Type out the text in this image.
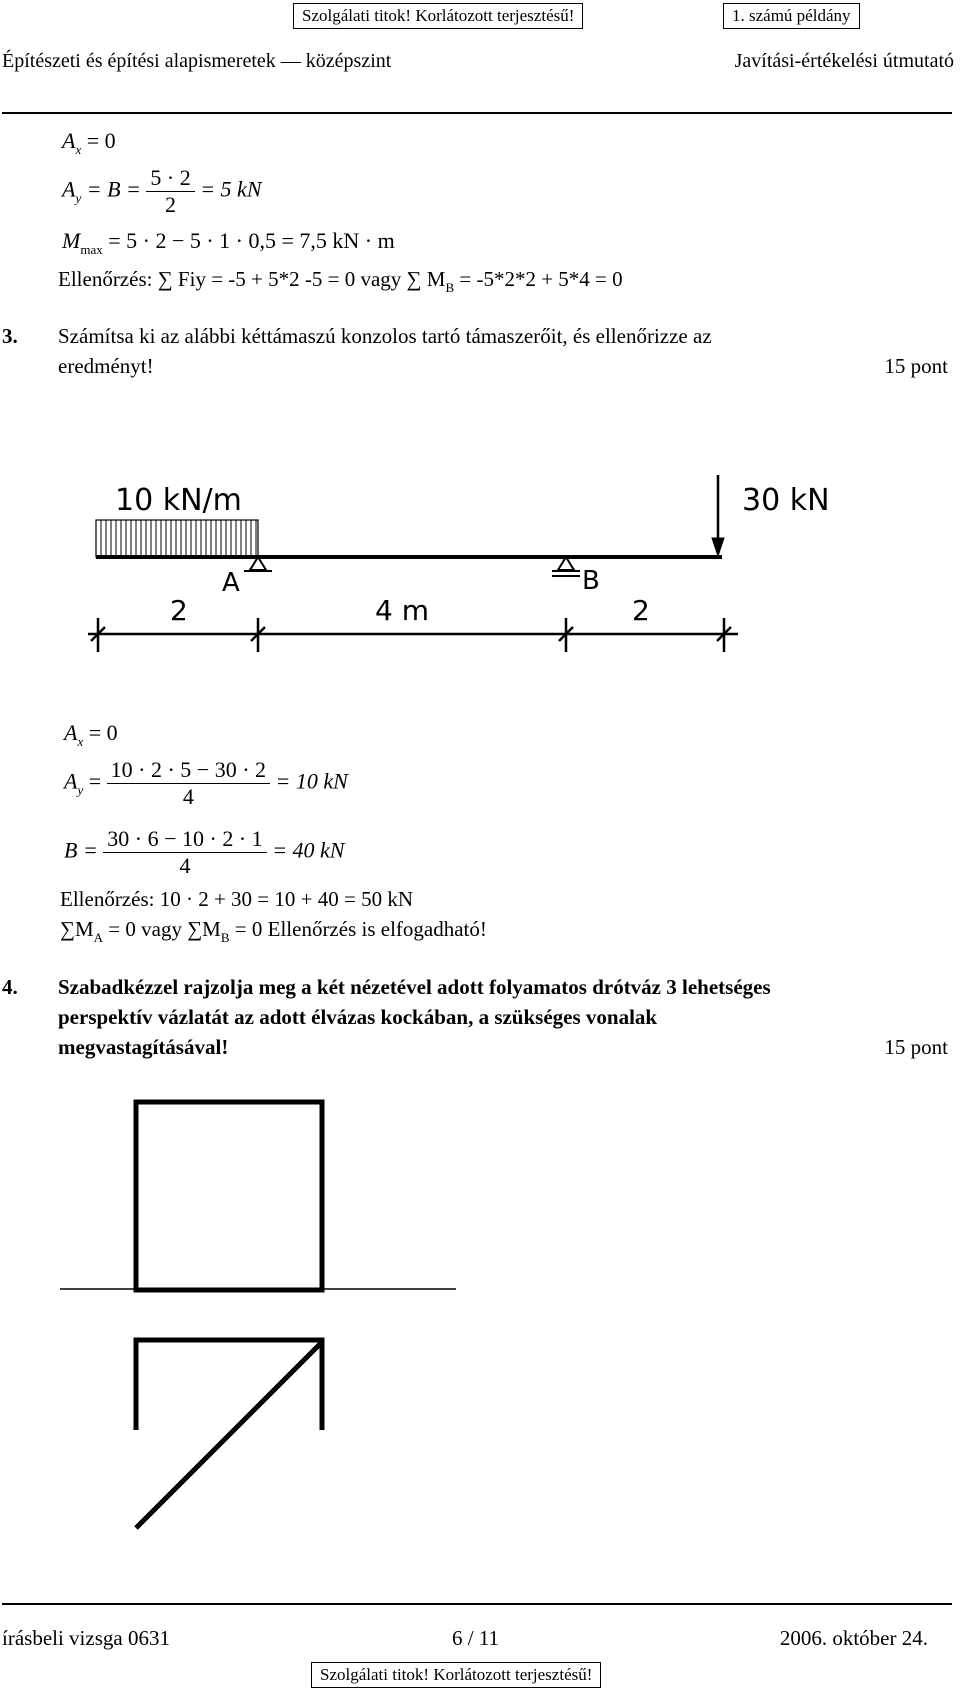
Szolgálati titok! Korlátozott terjesztésű!	1. számú példány
Építészeti és építési alapismeretek — középszint	Javítási-értékelési útmutató
$A_x = 0$
$A_y = B = \frac{5 \cdot 2}{2} = 5$ kN
$M_{max} = 5 \cdot 2 - 5 \cdot 1 \cdot 0,5 = 7,5$ kN · m
Ellenőrzés: ∑ Fiy = -5 + 5*2 -5 = 0 vagy ∑ $M_B = -5*2*2 + 5*4 = 0$
3. Számítsa ki az alábbi kéttámaszú konzolos tartó támaszerőit, és ellenőrizze az
eredményt!	15 pont
10 kN/m	30 kN
A	B
2	4 m	2
$A_x = 0$
$A_y = \frac{10 \cdot 2 \cdot 5 - 30 \cdot 2}{4} = 10$ kN
$B = \frac{30 \cdot 6 - 10 \cdot 2 \cdot 1}{4} = 40$ kN
Ellenőrzés: 10 · 2 + 30 = 10 + 40 = 50 kN
$\sum M_A = 0$ vagy $\sum M_B = 0$ Ellenőrzés is elfogadható!
4. Szabadkézzel rajzolja meg a két nézetével adott folyamatos drótváz 3 lehetséges
perspektív vázlatát az adott élvázas kockában, a szükséges vonalak
megvastagításával!	15 pont
írásbeli vizsga 0631	6 / 11	2006. október 24.
Szolgálati titok! Korlátozott terjesztésű!
